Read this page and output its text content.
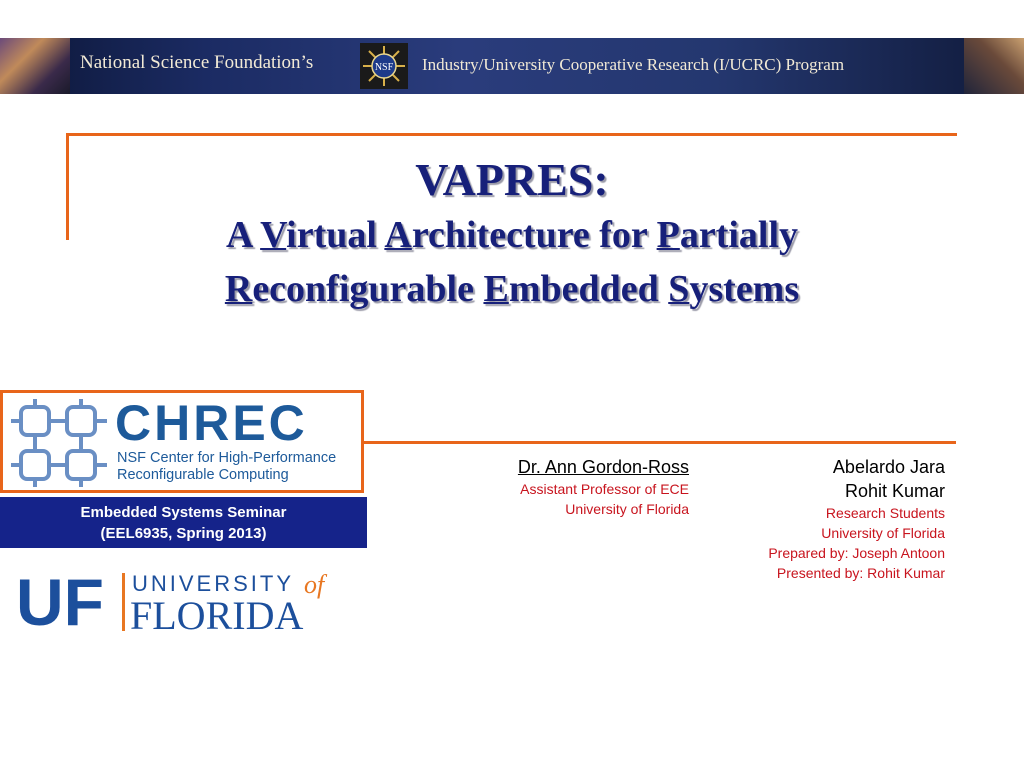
National Science Foundation’s	NSF Industry/University Cooperative Research (I/UCRC) Program
VAPRES:
A Virtual Architecture for Partially
Reconfigurable Embedded Systems
CHREC
NSF Center for High-Performance
Reconfigurable Computing
Embedded Systems Seminar
(EEL6935, Spring 2013)
UF UNIVERSITY of
FLORIDA
Dr. Ann Gordon-Ross
Assistant Professor of ECE
University of Florida
Abelardo Jara
Rohit Kumar
Research Students
University of Florida
Prepared by: Joseph Antoon
Presented by: Rohit Kumar
